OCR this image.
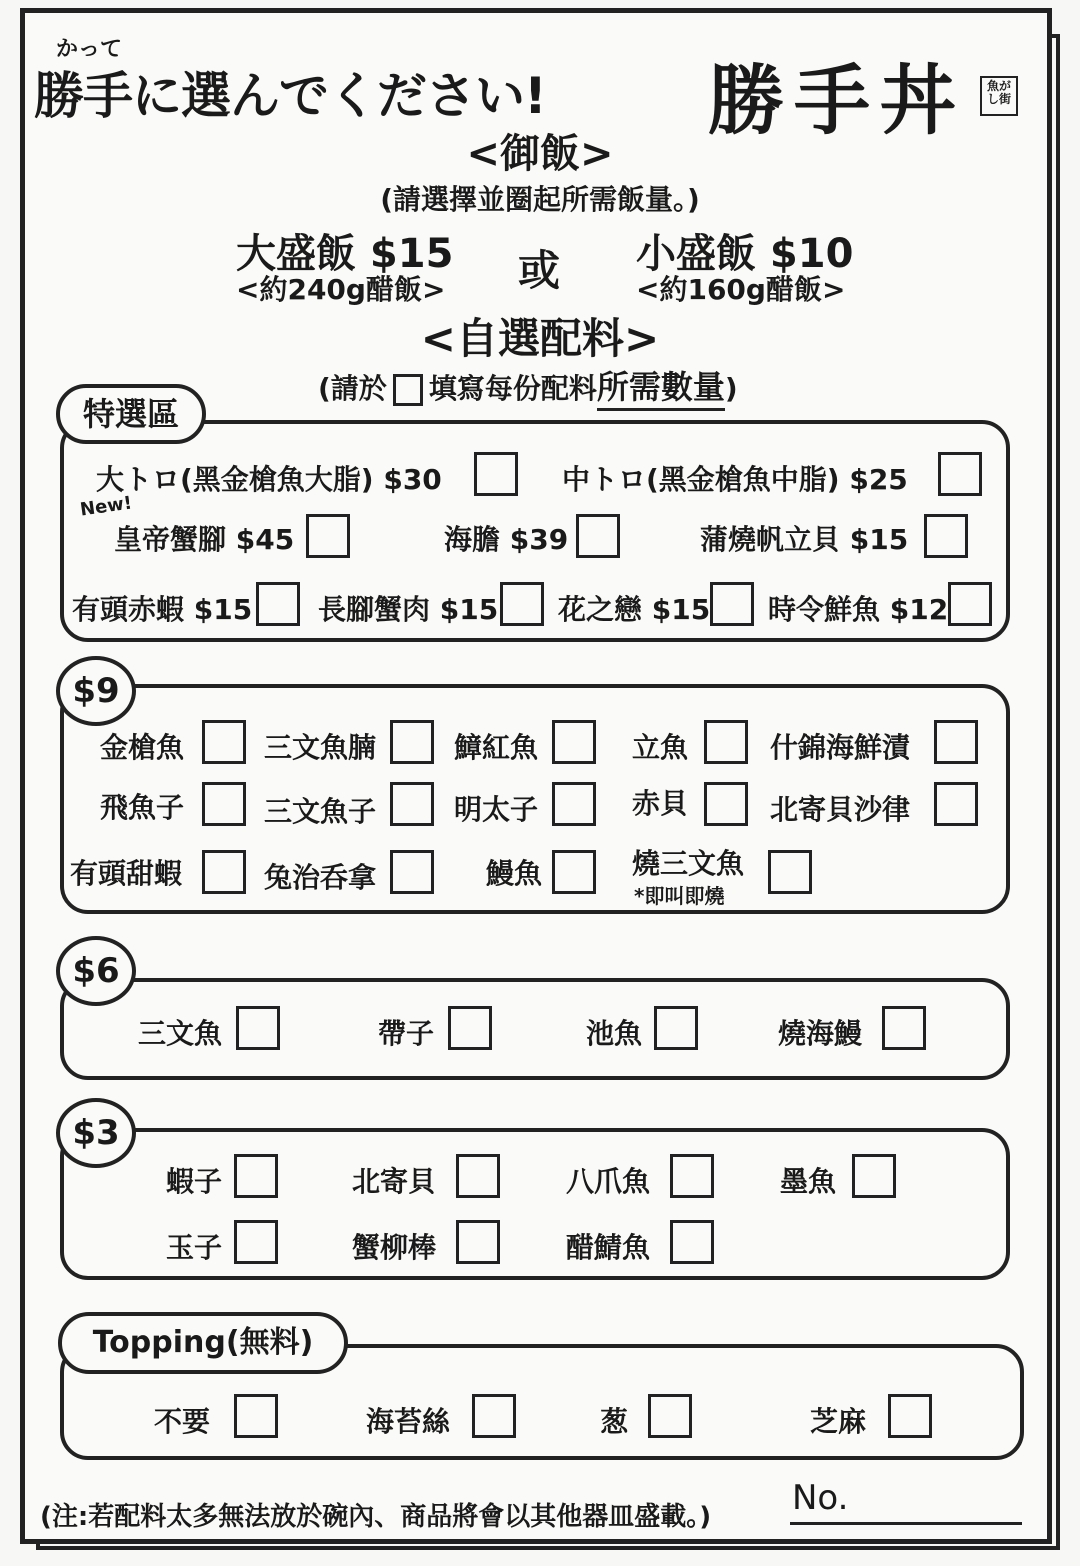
かって
勝手に選んでください! 勝手丼	魚がし街
<御飯>
(請選擇並圈起所需飯量。)
大盛飯 $15
<約240g醋飯> 或 小盛飯 $10
<約160g醋飯>
<自選配料>
(請於 填寫每份配料所需數量)
特選區
New!
大トロ(黑金槍魚大脂) $30	中トロ(黑金槍魚中脂) $25
皇帝蟹腳 $45	海膽 $39	蒲燒帆立貝 $15
有頭赤蝦 $15 長腳蟹肉 $15 花之戀 $15 時令鮮魚 $12
$9
金槍魚	三文魚腩	鱆紅魚	立魚	什錦海鮮漬
飛魚子	三文魚子	明太子	赤貝	北寄貝沙律
有頭甜蝦	兔治呑拿	鰻魚	燒三文魚
*即叫即燒
$6
三文魚	帶子	池魚	燒海鰻
$3
蝦子	北寄貝	八爪魚	墨魚
玉子	蟹柳棒	醋鯖魚
Topping(無料)
不要	海苔絲	葱	芝麻
(注:若配料太多無法放於碗內、商品將會以其他器皿盛載。) No.
